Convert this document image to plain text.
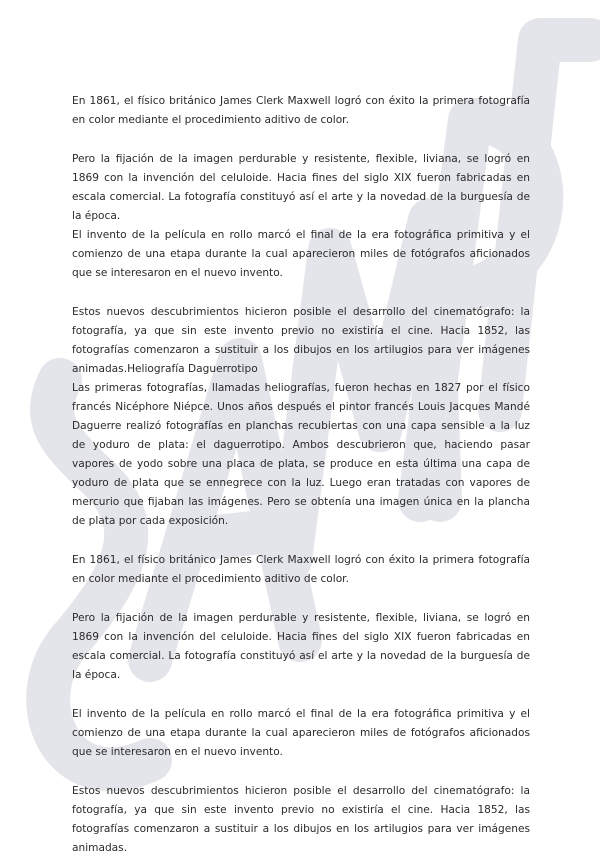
En 1861, el físico británico James Clerk Maxwell logró con éxito la primera fotografía en color mediante el procedimiento aditivo de color.

Pero la fijación de la imagen perdurable y resistente, flexible, liviana, se logró en 1869 con la invención del celuloide. Hacia fines del siglo XIX fueron fabricadas en escala comercial. La fotografía constituyó así el arte y la novedad de la burguesía de la época.

El invento de la película en rollo marcó el final de la era fotográfica primitiva y el comienzo de una etapa durante la cual aparecieron miles de fotógrafos aficionados que se interesaron en el nuevo invento.

Estos nuevos descubrimientos hicieron posible el desarrollo del cinematógrafo: la fotografía, ya que sin este invento previo no existiría el cine. Hacia 1852, las fotografías comenzaron a sustituir a los dibujos en los artilugios para ver imágenes animadas.Heliografía Daguerrotipo

Las primeras fotografías, llamadas heliografías, fueron hechas en 1827 por el físico francés Nicéphore Niépce. Unos años después el pintor francés Louis Jacques Mandé Daguerre realizó fotografías en planchas recubiertas con una capa sensible a la luz de yoduro de plata: el daguerrotipo. Ambos descubrieron que, haciendo pasar vapores de yodo sobre una placa de plata, se produce en esta última una capa de yoduro de plata que se ennegrece con la luz. Luego eran tratadas con vapores de mercurio que fijaban las imágenes. Pero se obtenía una imagen única en la plancha de plata por cada exposición.

En 1861, el físico británico James Clerk Maxwell logró con éxito la primera fotografía en color mediante el procedimiento aditivo de color.

Pero la fijación de la imagen perdurable y resistente, flexible, liviana, se logró en 1869 con la invención del celuloide. Hacia fines del siglo XIX fueron fabricadas en escala comercial. La fotografía constituyó así el arte y la novedad de la burguesía de la época.

El invento de la película en rollo marcó el final de la era fotográfica primitiva y el comienzo de una etapa durante la cual aparecieron miles de fotógrafos aficionados que se interesaron en el nuevo invento.

Estos nuevos descubrimientos hicieron posible el desarrollo del cinematógrafo: la fotografía, ya que sin este invento previo no existiría el cine. Hacia 1852, las fotografías comenzaron a sustituir a los dibujos en los artilugios para ver imágenes animadas.
